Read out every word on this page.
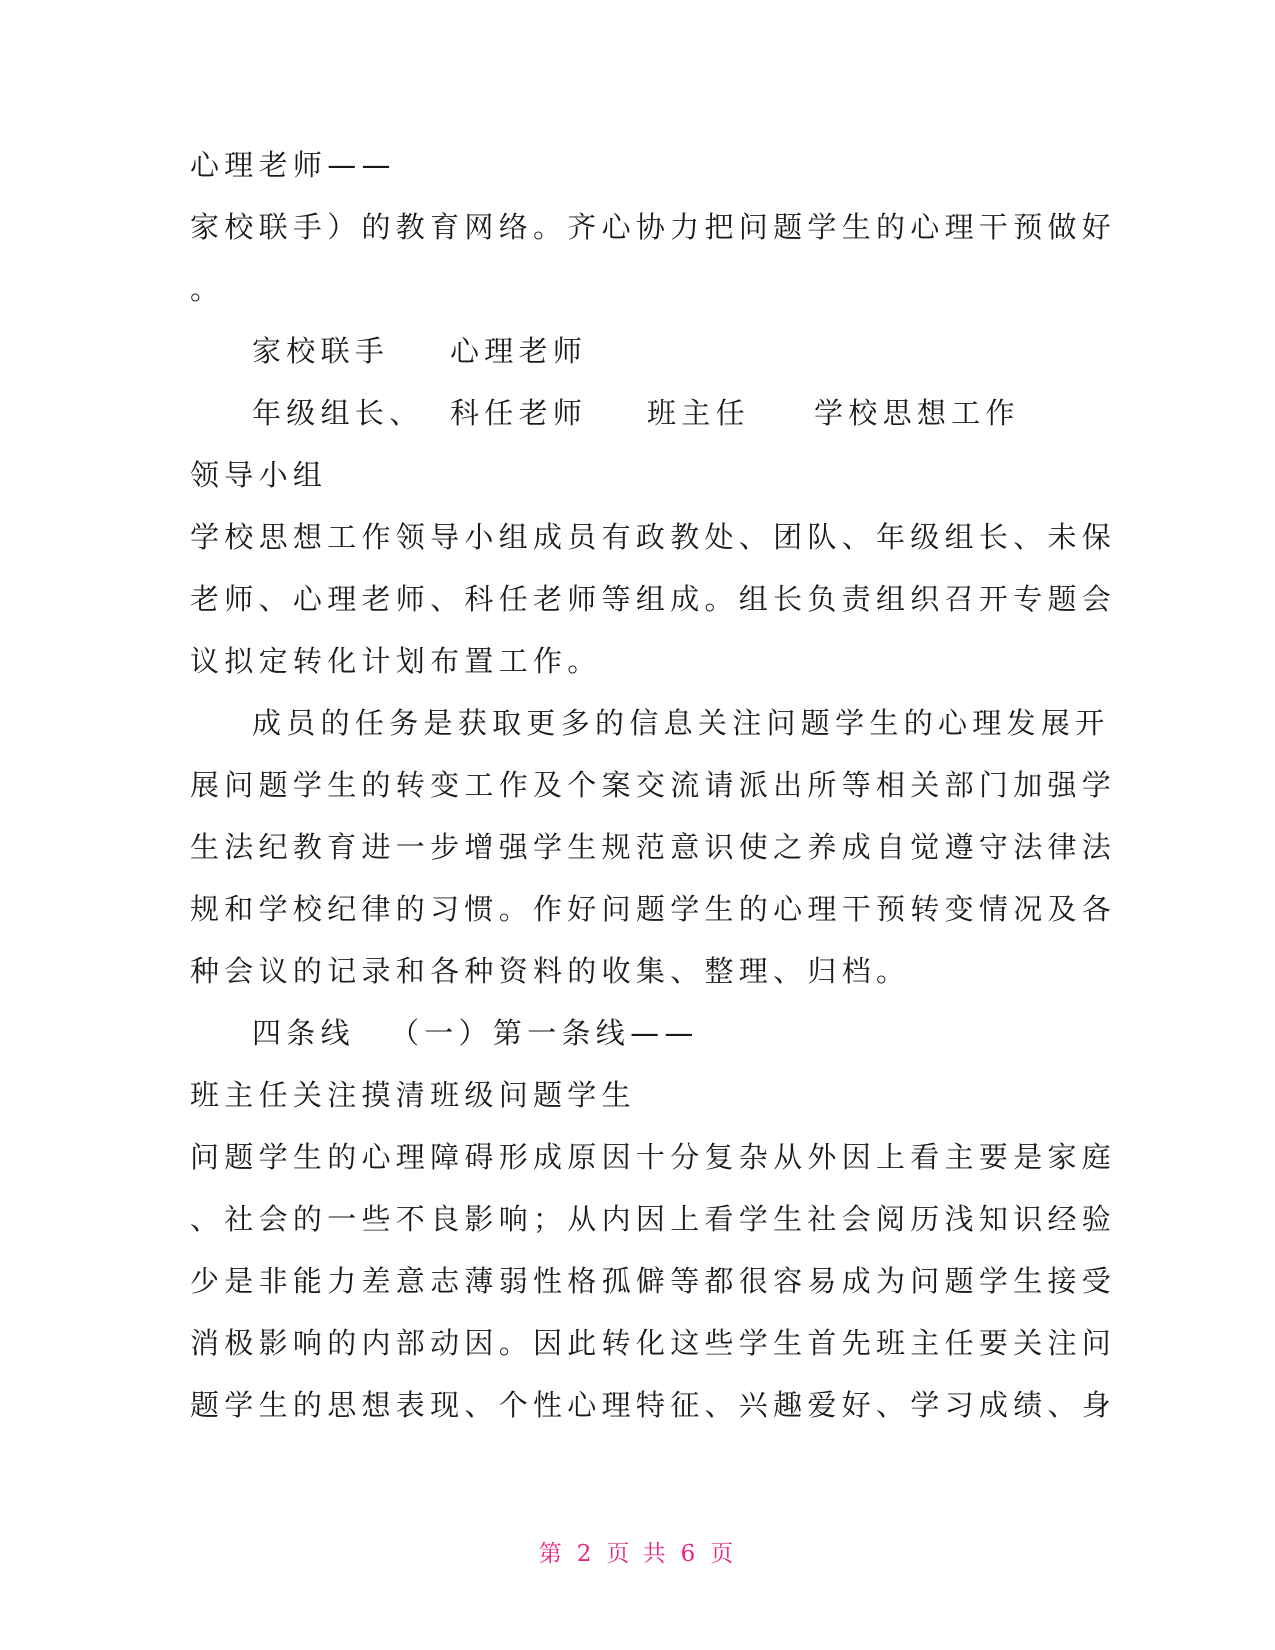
心理老师——
家校联手）的教育网络。齐心协力把问题学生的心理干预做好
。
家校联手 心理老师
年级组长、 科任老师 班主任 学校思想工作
领导小组
学校思想工作领导小组成员有政教处、团队、年级组长、未保
老师、心理老师、科任老师等组成。组长负责组织召开专题会
议拟定转化计划布置工作。
成员的任务是获取更多的信息关注问题学生的心理发展开
展问题学生的转变工作及个案交流请派出所等相关部门加强学
生法纪教育进一步增强学生规范意识使之养成自觉遵守法律法
规和学校纪律的习惯。作好问题学生的心理干预转变情况及各
种会议的记录和各种资料的收集、整理、归档。
四条线 （一）第一条线——
班主任关注摸清班级问题学生
问题学生的心理障碍形成原因十分复杂从外因上看主要是家庭
、社会的一些不良影响；从内因上看学生社会阅历浅知识经验
少是非能力差意志薄弱性格孤僻等都很容易成为问题学生接受
消极影响的内部动因。因此转化这些学生首先班主任要关注问
题学生的思想表现、个性心理特征、兴趣爱好、学习成绩、身
第 2 页 共 6 页
